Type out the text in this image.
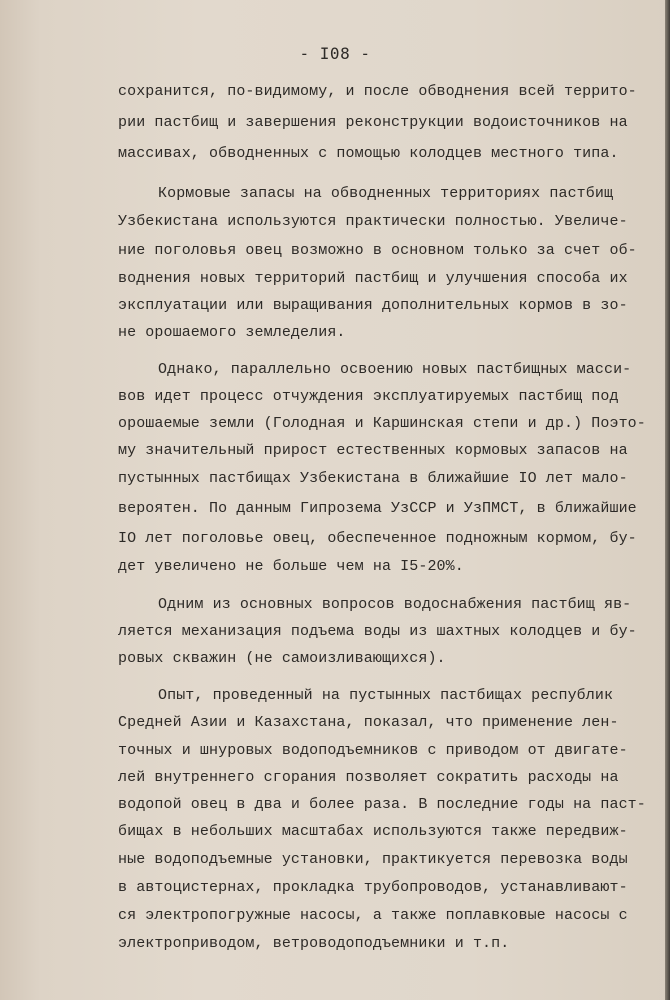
- I08 -
сохранится, по-видимому, и после обводнения всей террито-
рии пастбищ и завершения реконструкции водоисточников на
массивах, обводненных с помощью колодцев местного типа.
Кормовые запасы на обводненных территориях пастбищ
Узбекистана используются практически полностью. Увеличе-
ние поголовья овец возможно в основном только за счет об-
воднения новых территорий пастбищ и улучшения способа их
эксплуатации или выращивания дополнительных кормов в зо-
не орошаемого земледелия.
Однако, параллельно освоению новых пастбищных масси-
вов идет процесс отчуждения эксплуатируемых пастбищ под
орошаемые земли (Голодная и Каршинская степи и др.) Поэто-
му значительный прирост естественных кормовых запасов на
пустынных пастбищах Узбекистана в ближайшие IO лет мало-
вероятен. По данным Гипрозема УзССР и УзПМСТ, в ближайшие
IO лет поголовье овец, обеспеченное подножным кормом, бу-
дет увеличено не больше чем на I5-20%.
Одним из основных вопросов водоснабжения пастбищ яв-
ляется механизация подъема воды из шахтных колодцев и бу-
ровых скважин (не самоизливающихся).
Опыт, проведенный на пустынных пастбищах республик
Средней Азии и Казахстана, показал, что применение лен-
точных и шнуровых водоподъемников с приводом от двигате-
лей внутреннего сгорания позволяет сократить расходы на
водопой овец в два и более раза. В последние годы на паст-
бищах в небольших масштабах используются также передвиж-
ные водоподъемные установки, практикуется перевозка воды
в автоцистернах, прокладка трубопроводов, устанавливают-
ся электропогружные насосы, а также поплавковые насосы с
электроприводом, ветроводоподъемники и т.п.
